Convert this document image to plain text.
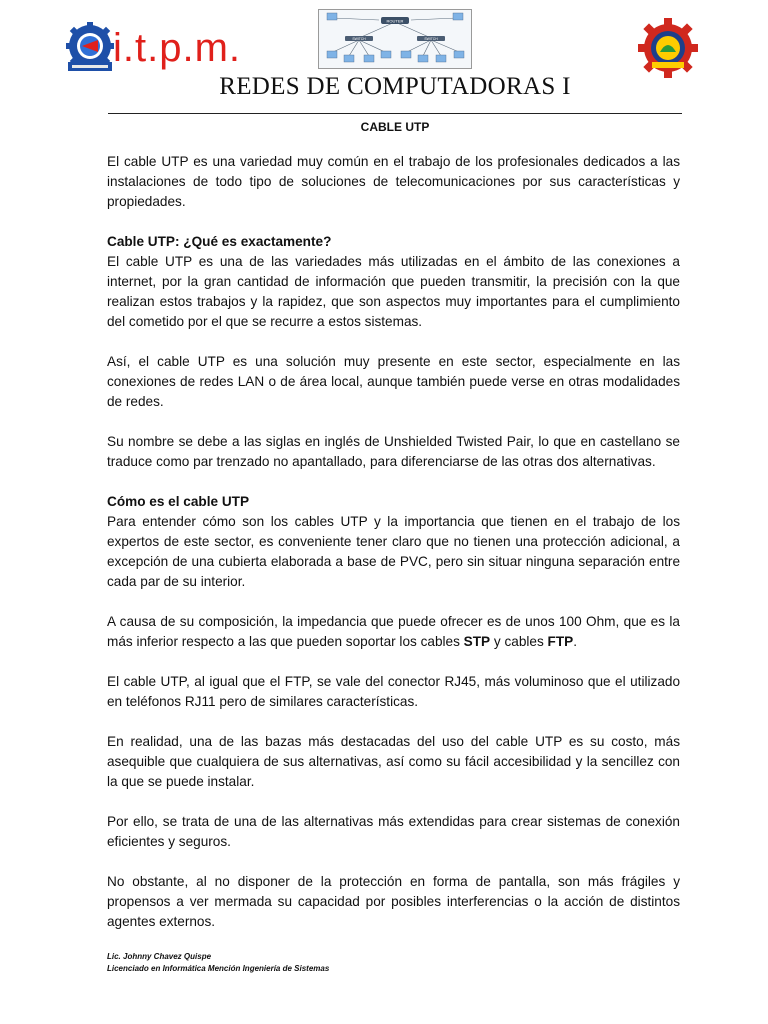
i.t.p.m.
ROUTER
SWITCH	SWITCH
REDES DE COMPUTADORAS I
CABLE UTP

El cable UTP es una variedad muy común en el trabajo de los profesionales dedicados a las instalaciones de todo tipo de soluciones de telecomunicaciones por sus características y propiedades.

Cable UTP: ¿Qué es exactamente?
El cable UTP es una de las variedades más utilizadas en el ámbito de las conexiones a internet, por la gran cantidad de información que pueden transmitir, la precisión con la que realizan estos trabajos y la rapidez, que son aspectos muy importantes para el cumplimiento del cometido por el que se recurre a estos sistemas.

Así, el cable UTP es una solución muy presente en este sector, especialmente en las conexiones de redes LAN o de área local, aunque también puede verse en otras modalidades de redes.

Su nombre se debe a las siglas en inglés de Unshielded Twisted Pair, lo que en castellano se traduce como par trenzado no apantallado, para diferenciarse de las otras dos alternativas.

Cómo es el cable UTP
Para entender cómo son los cables UTP y la importancia que tienen en el trabajo de los expertos de este sector, es conveniente tener claro que no tienen una protección adicional, a excepción de una cubierta elaborada a base de PVC, pero sin situar ninguna separación entre cada par de su interior.

A causa de su composición, la impedancia que puede ofrecer es de unos 100 Ohm, que es la más inferior respecto a las que pueden soportar los cables STP y cables FTP.

El cable UTP, al igual que el FTP, se vale del conector RJ45, más voluminoso que el utilizado en teléfonos RJ11 pero de similares características.

En realidad, una de las bazas más destacadas del uso del cable UTP es su costo, más asequible que cualquiera de sus alternativas, así como su fácil accesibilidad y la sencillez con la que se puede instalar.

Por ello, se trata de una de las alternativas más extendidas para crear sistemas de conexión eficientes y seguros.

No obstante, al no disponer de la protección en forma de pantalla, son más frágiles y propensos a ver mermada su capacidad por posibles interferencias o la acción de distintos agentes externos.

Lic. Johnny Chavez Quispe
Licenciado en Informática Mención Ingeniería de Sistemas
